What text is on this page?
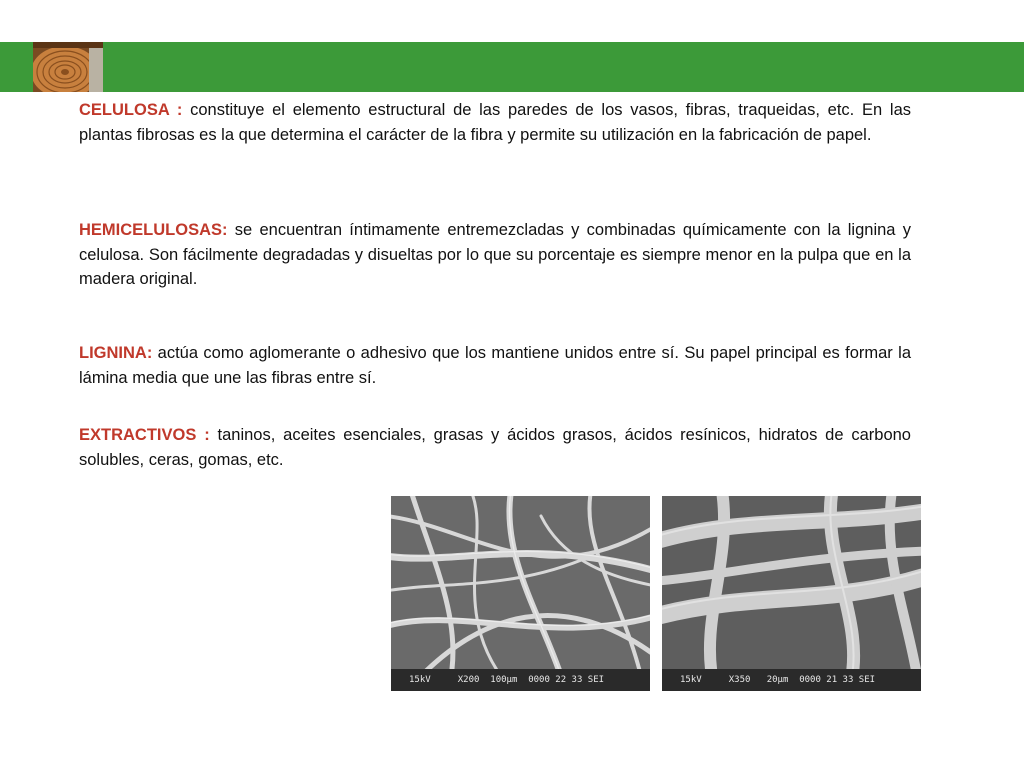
CELULOSA : constituye el elemento estructural de las paredes de los vasos, fibras, traqueidas, etc. En las plantas fibrosas es la que determina el carácter de la fibra y permite su utilización en la fabricación de papel.

HEMICELULOSAS: se encuentran íntimamente entremezcladas y combinadas químicamente con la lignina y celulosa. Son fácilmente degradadas y disueltas por lo que su porcentaje es siempre menor en la pulpa que en la madera original.

LIGNINA: actúa como aglomerante o adhesivo que los mantiene unidos entre sí. Su papel principal es formar la lámina media que une las fibras entre sí.

EXTRACTIVOS : taninos, aceites esenciales, grasas y ácidos grasos, ácidos resínicos, hidratos de carbono solubles, ceras, gomas, etc.

15kV     X200  100µm  0000 22 33 SEI	15kV     X350   20µm  0000 21 33 SEI
